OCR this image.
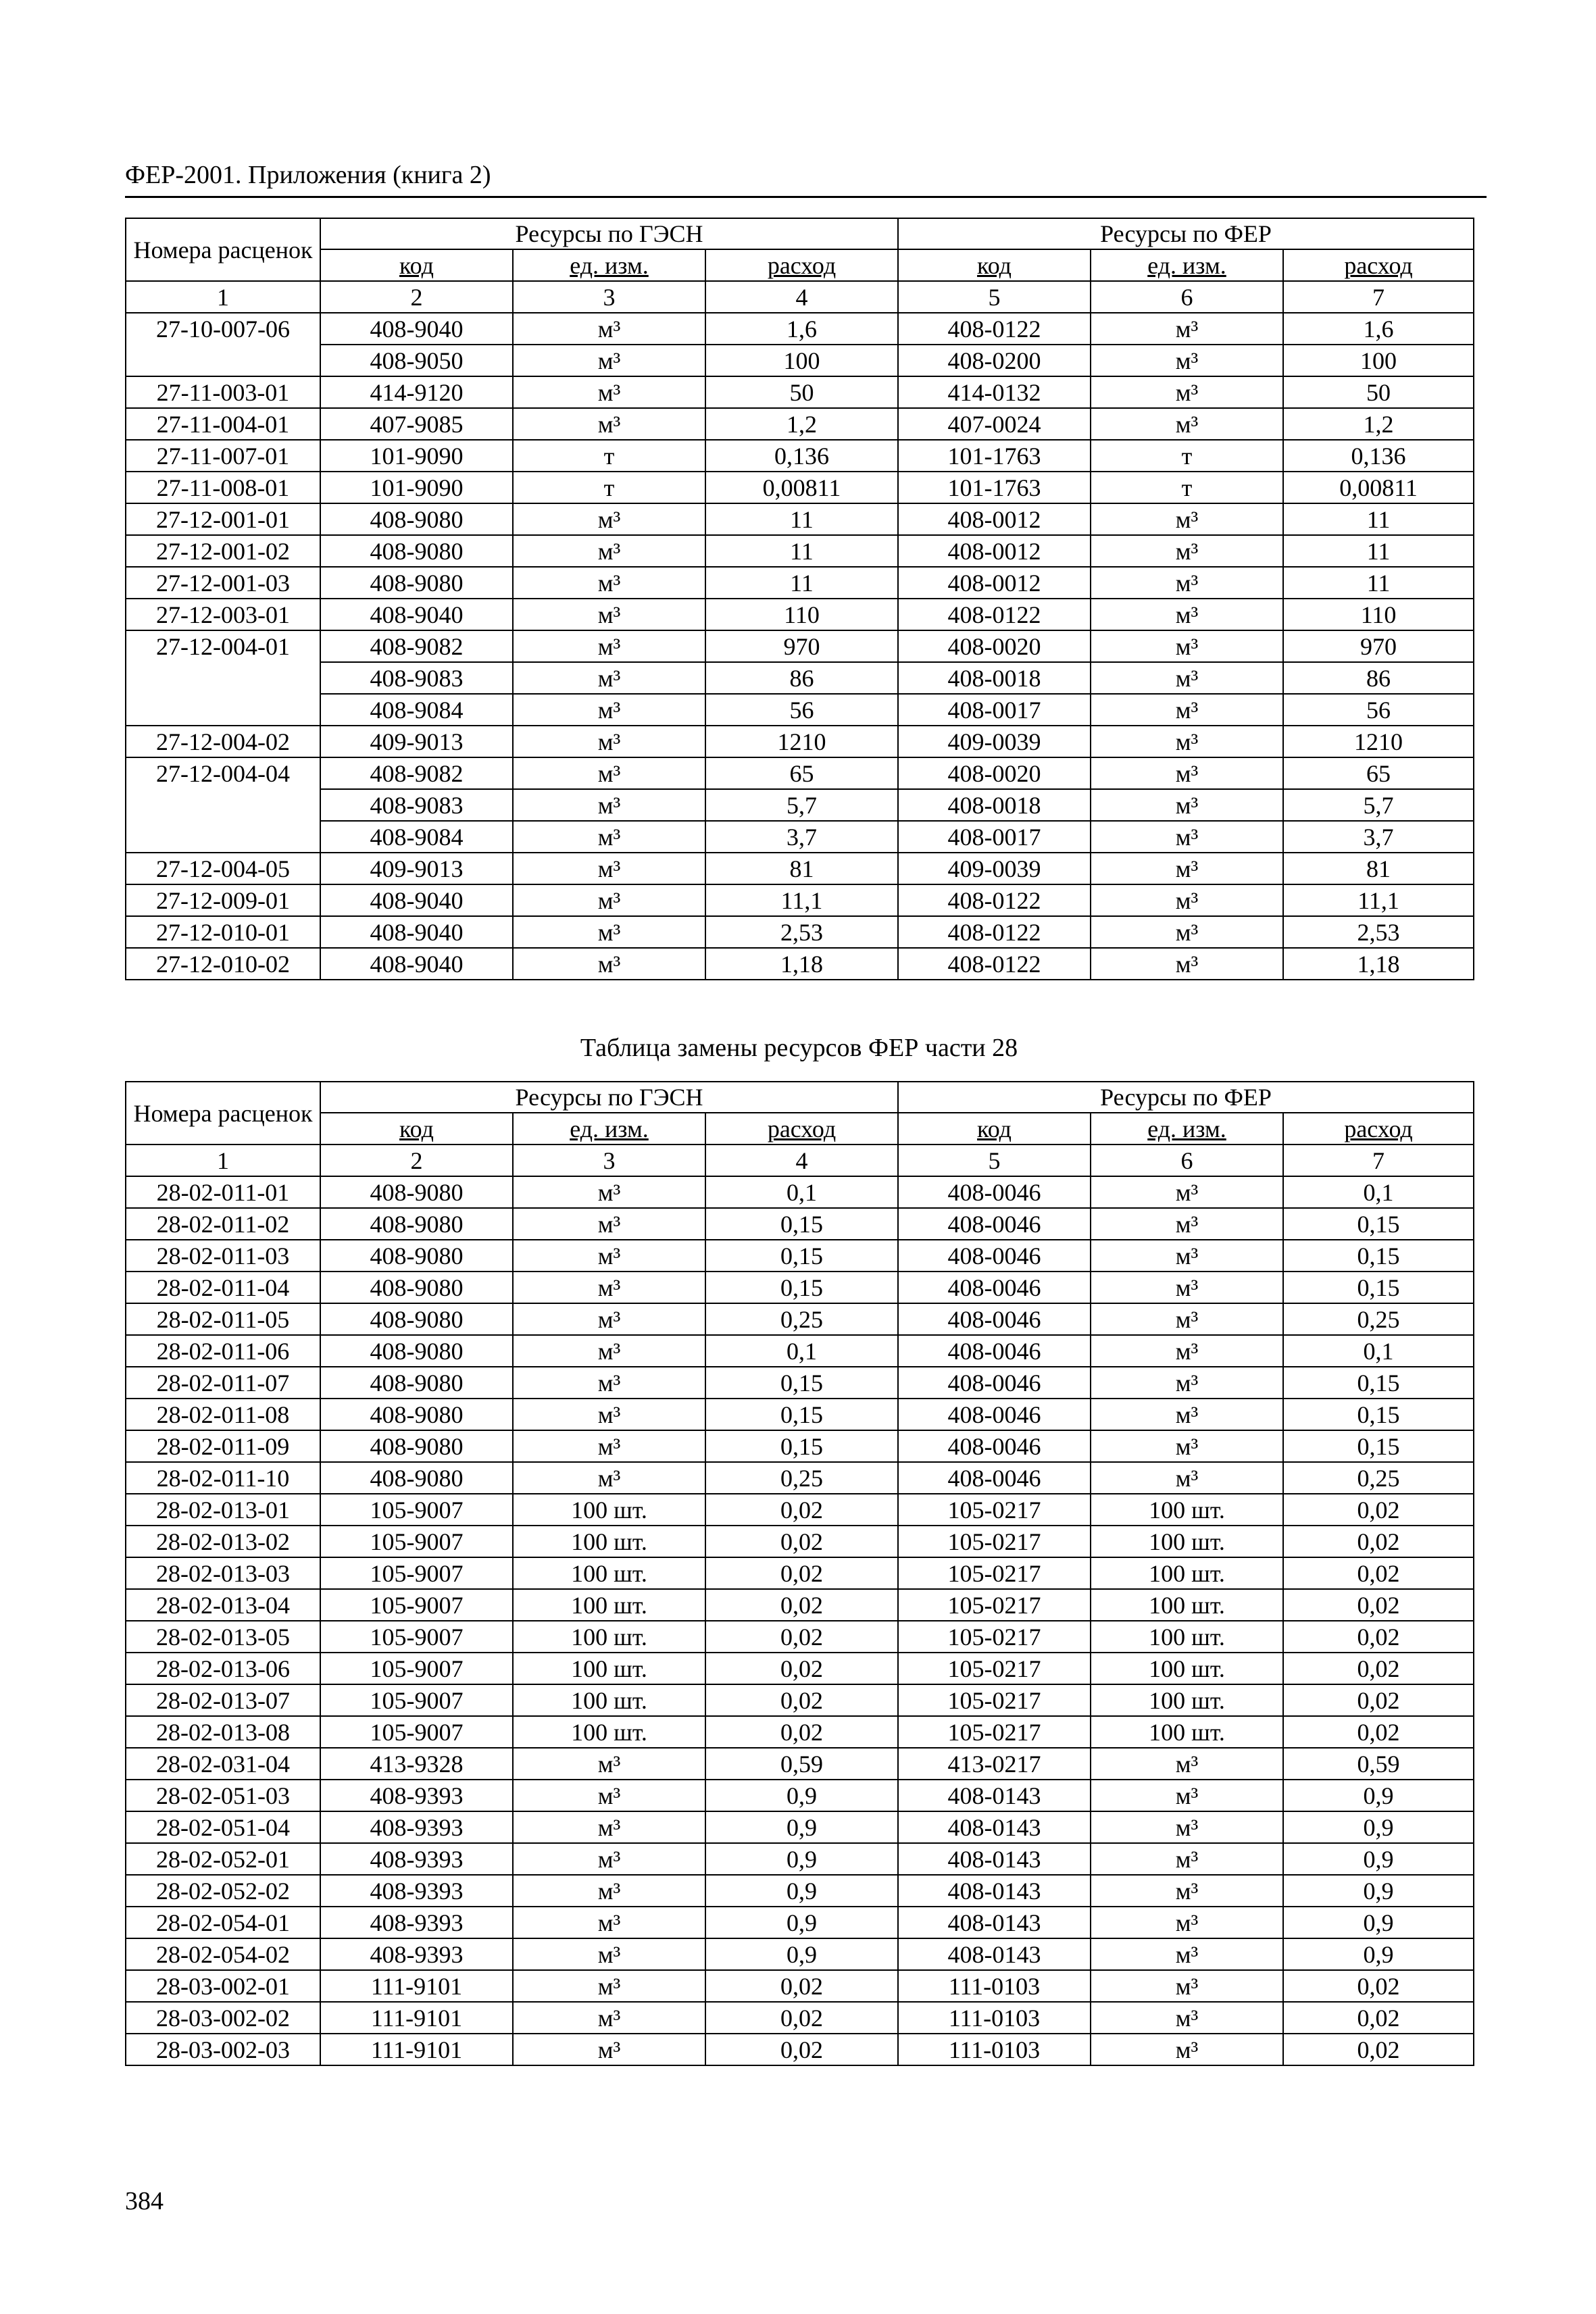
ФЕР-2001. Приложения (книга 2)
Номера расценок	Ресурсы по ГЭСН			Ресурсы по ФЕР		
	код	ед. изм.	расход	код	ед. изм.	расход
1	2	3	4	5	6	7
27-10-007-06	408-9040	м³	1,6	408-0122	м³	1,6
	408-9050	м³	100	408-0200	м³	100
27-11-003-01	414-9120	м³	50	414-0132	м³	50
27-11-004-01	407-9085	м³	1,2	407-0024	м³	1,2
27-11-007-01	101-9090	т	0,136	101-1763	т	0,136
27-11-008-01	101-9090	т	0,00811	101-1763	т	0,00811
27-12-001-01	408-9080	м³	11	408-0012	м³	11
27-12-001-02	408-9080	м³	11	408-0012	м³	11
27-12-001-03	408-9080	м³	11	408-0012	м³	11
27-12-003-01	408-9040	м³	110	408-0122	м³	110
27-12-004-01	408-9082	м³	970	408-0020	м³	970
	408-9083	м³	86	408-0018	м³	86
	408-9084	м³	56	408-0017	м³	56
27-12-004-02	409-9013	м³	1210	409-0039	м³	1210
27-12-004-04	408-9082	м³	65	408-0020	м³	65
	408-9083	м³	5,7	408-0018	м³	5,7
	408-9084	м³	3,7	408-0017	м³	3,7
27-12-004-05	409-9013	м³	81	409-0039	м³	81
27-12-009-01	408-9040	м³	11,1	408-0122	м³	11,1
27-12-010-01	408-9040	м³	2,53	408-0122	м³	2,53
27-12-010-02	408-9040	м³	1,18	408-0122	м³	1,18
Таблица замены ресурсов ФЕР части 28
Номера расценок	Ресурсы по ГЭСН			Ресурсы по ФЕР		
	код	ед. изм.	расход	код	ед. изм.	расход
1	2	3	4	5	6	7
28-02-011-01	408-9080	м³	0,1	408-0046	м³	0,1
28-02-011-02	408-9080	м³	0,15	408-0046	м³	0,15
28-02-011-03	408-9080	м³	0,15	408-0046	м³	0,15
28-02-011-04	408-9080	м³	0,15	408-0046	м³	0,15
28-02-011-05	408-9080	м³	0,25	408-0046	м³	0,25
28-02-011-06	408-9080	м³	0,1	408-0046	м³	0,1
28-02-011-07	408-9080	м³	0,15	408-0046	м³	0,15
28-02-011-08	408-9080	м³	0,15	408-0046	м³	0,15
28-02-011-09	408-9080	м³	0,15	408-0046	м³	0,15
28-02-011-10	408-9080	м³	0,25	408-0046	м³	0,25
28-02-013-01	105-9007	100 шт.	0,02	105-0217	100 шт.	0,02
28-02-013-02	105-9007	100 шт.	0,02	105-0217	100 шт.	0,02
28-02-013-03	105-9007	100 шт.	0,02	105-0217	100 шт.	0,02
28-02-013-04	105-9007	100 шт.	0,02	105-0217	100 шт.	0,02
28-02-013-05	105-9007	100 шт.	0,02	105-0217	100 шт.	0,02
28-02-013-06	105-9007	100 шт.	0,02	105-0217	100 шт.	0,02
28-02-013-07	105-9007	100 шт.	0,02	105-0217	100 шт.	0,02
28-02-013-08	105-9007	100 шт.	0,02	105-0217	100 шт.	0,02
28-02-031-04	413-9328	м³	0,59	413-0217	м³	0,59
28-02-051-03	408-9393	м³	0,9	408-0143	м³	0,9
28-02-051-04	408-9393	м³	0,9	408-0143	м³	0,9
28-02-052-01	408-9393	м³	0,9	408-0143	м³	0,9
28-02-052-02	408-9393	м³	0,9	408-0143	м³	0,9
28-02-054-01	408-9393	м³	0,9	408-0143	м³	0,9
28-02-054-02	408-9393	м³	0,9	408-0143	м³	0,9
28-03-002-01	111-9101	м³	0,02	111-0103	м³	0,02
28-03-002-02	111-9101	м³	0,02	111-0103	м³	0,02
28-03-002-03	111-9101	м³	0,02	111-0103	м³	0,02
384
